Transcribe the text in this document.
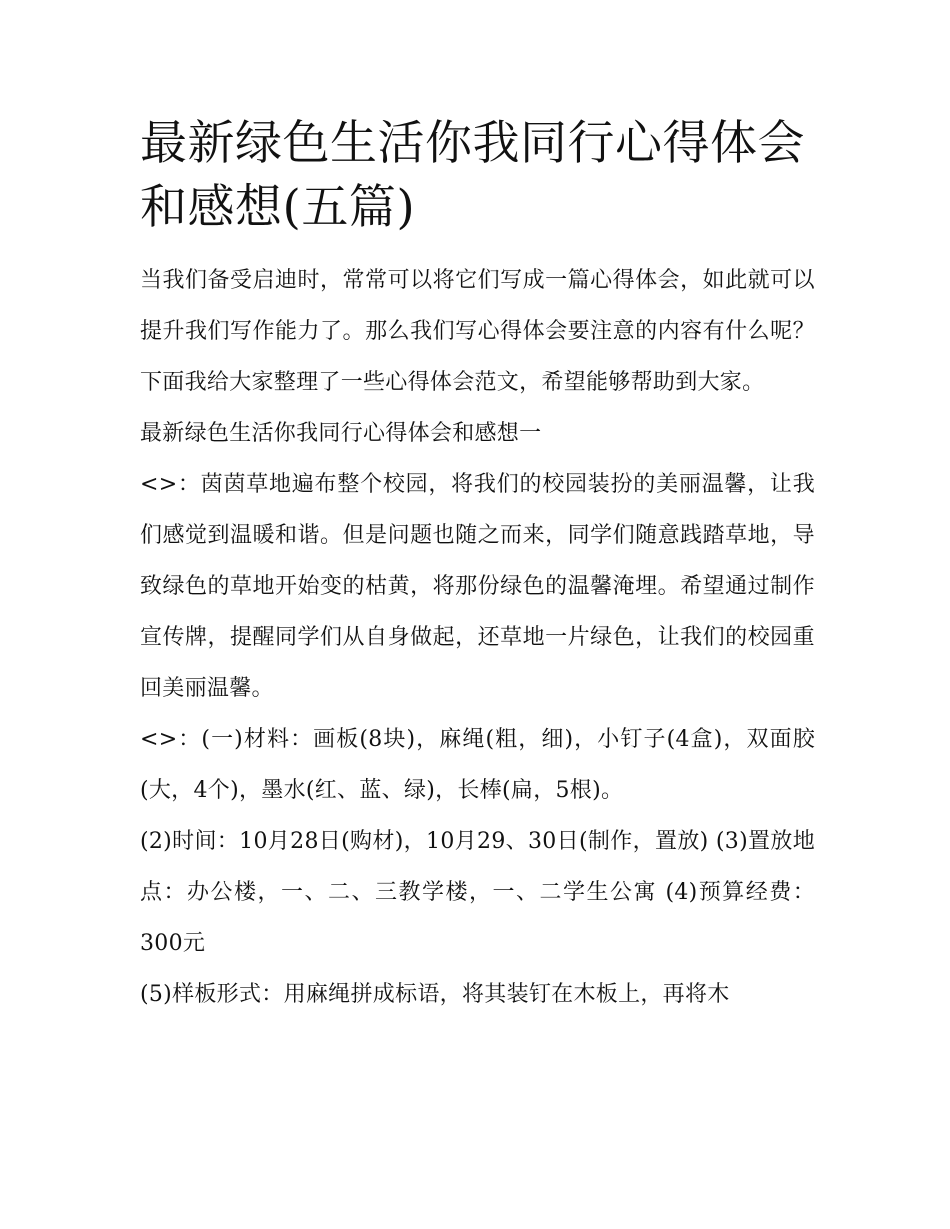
最新绿色生活你我同行心得体会和感想(五篇)

当我们备受启迪时，常常可以将它们写成一篇心得体会，如此就可以提升我们写作能力了。那么我们写心得体会要注意的内容有什么呢？下面我给大家整理了一些心得体会范文，希望能够帮助到大家。

最新绿色生活你我同行心得体会和感想一

<>：茵茵草地遍布整个校园，将我们的校园装扮的美丽温馨，让我们感觉到温暖和谐。但是问题也随之而来，同学们随意践踏草地，导致绿色的草地开始变的枯黄，将那份绿色的温馨淹埋。希望通过制作宣传牌，提醒同学们从自身做起，还草地一片绿色，让我们的校园重回美丽温馨。

<>：(一)材料：画板(8块)，麻绳(粗，细)，小钉子(4盒)，双面胶(大，4个)，墨水(红、蓝、绿)，长棒(扁，5根)。

(2)时间：10月28日(购材)，10月29、30日(制作，置放) (3)置放地点：办公楼，一、二、三教学楼，一、二学生公寓 (4)预算经费：300元

(5)样板形式：用麻绳拼成标语，将其装钉在木板上，再将木
